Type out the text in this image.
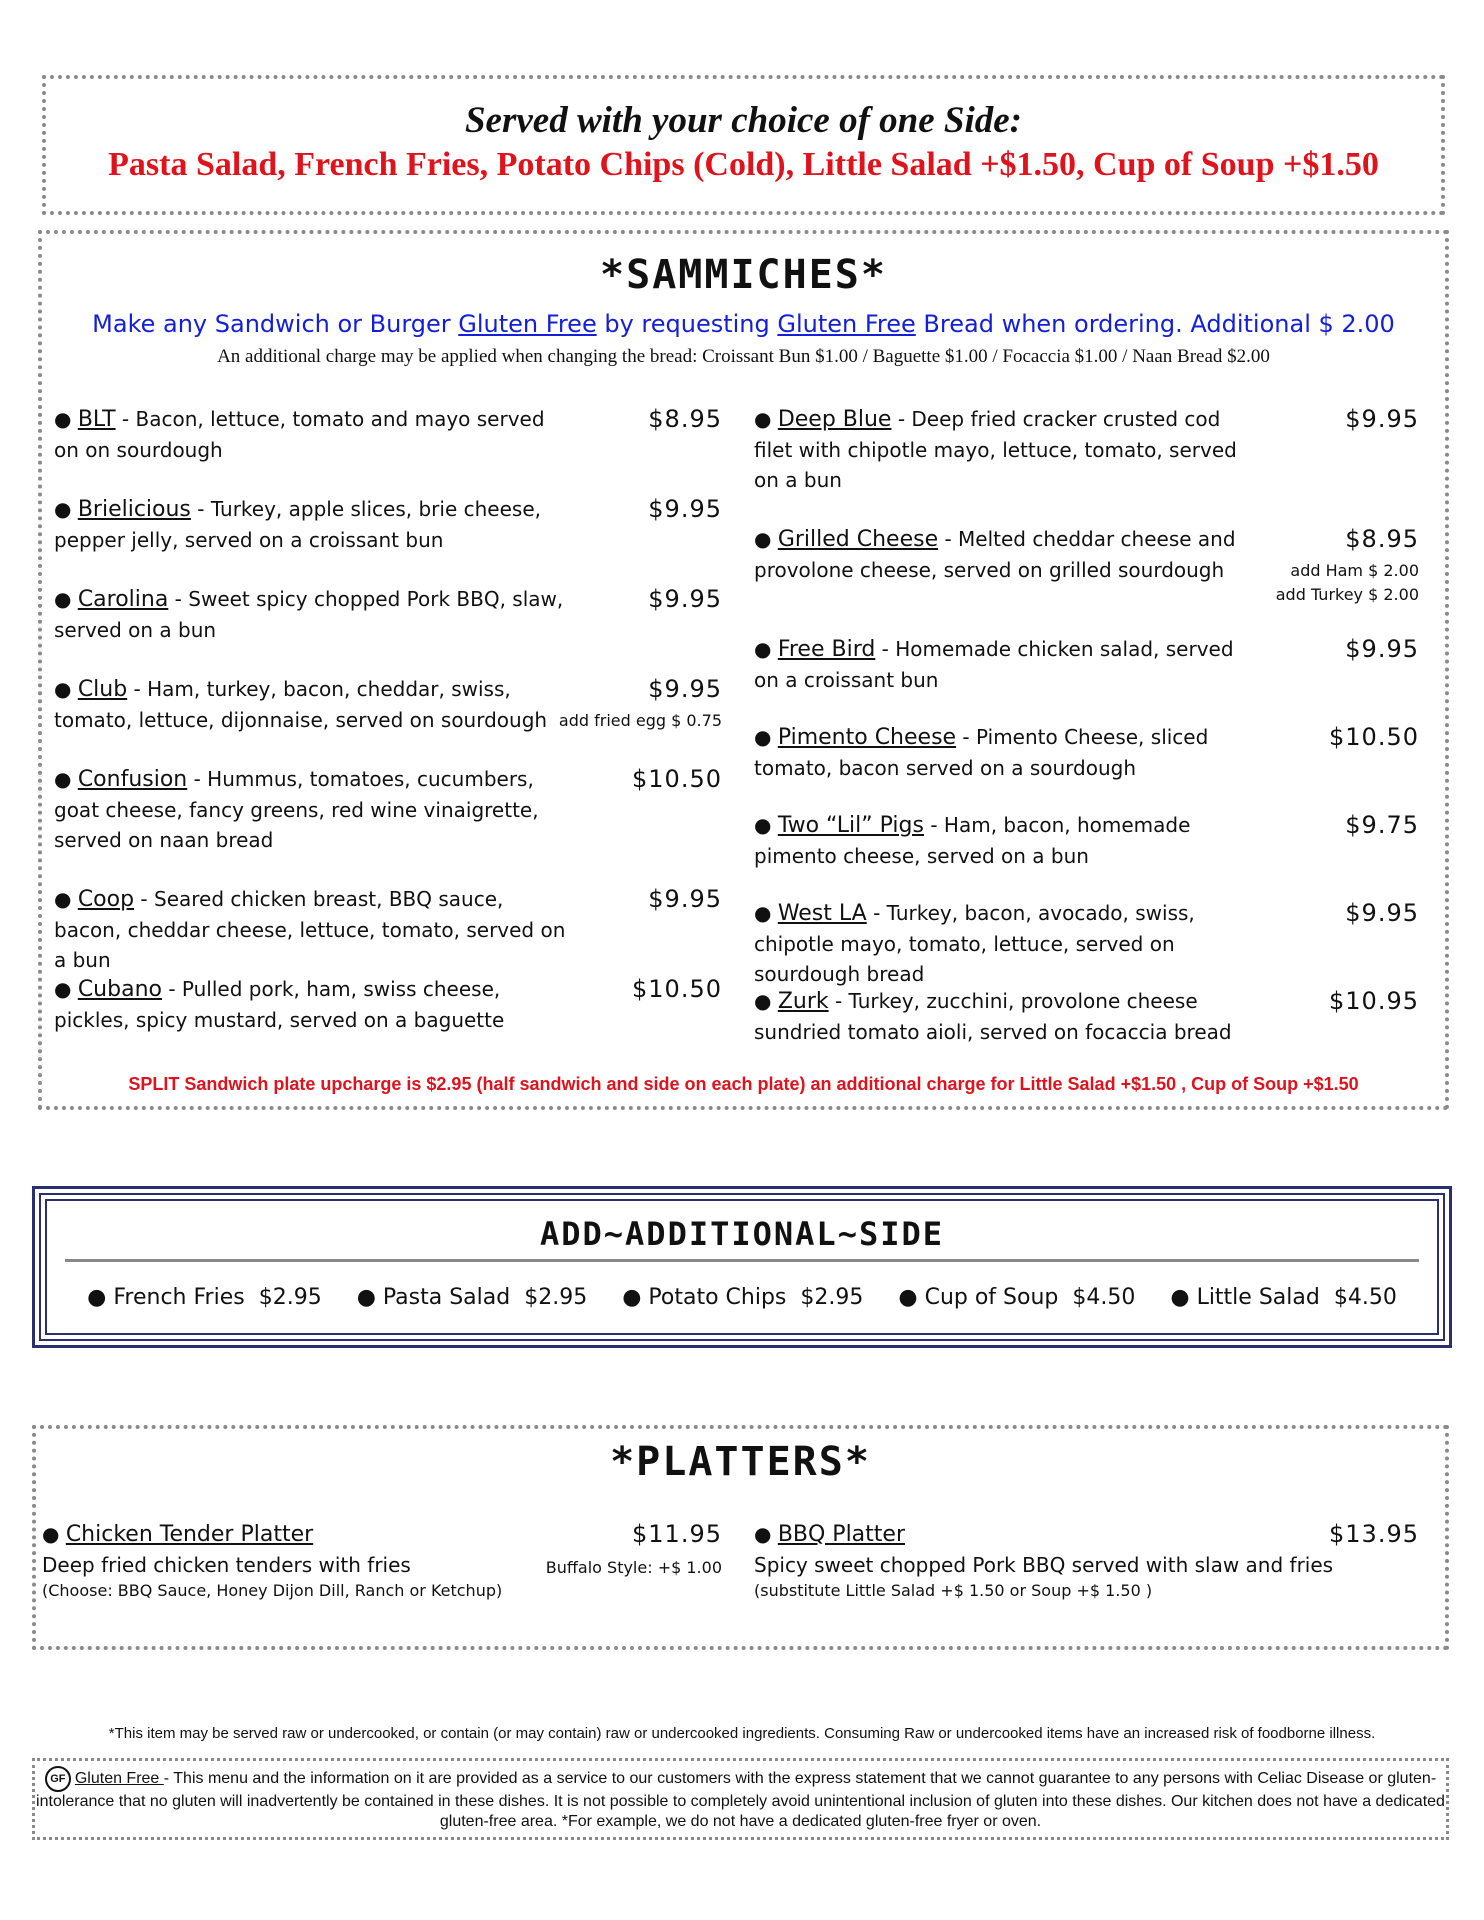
Served with your choice of one Side:
Pasta Salad, French Fries, Potato Chips (Cold), Little Salad +$1.50, Cup of Soup +$1.50
*SAMMICHES*
Make any Sandwich or Burger Gluten Free by requesting Gluten Free Bread when ordering. Additional $ 2.00
An additional charge may be applied when changing the bread: Croissant Bun $1.00 / Baguette $1.00 / Focaccia $1.00 / Naan Bread $2.00
● BLT - Bacon, lettuce, tomato and mayo served on on sourdough
$8.95
● Brielicious - Turkey, apple slices, brie cheese, pepper jelly, served on a croissant bun
$9.95
● Carolina - Sweet spicy chopped Pork BBQ, slaw, served on a bun
$9.95
● Club - Ham, turkey, bacon, cheddar, swiss, tomato, lettuce, dijonnaise, served on sourdough
$9.95
add fried egg $ 0.75
● Confusion - Hummus, tomatoes, cucumbers, goat cheese, fancy greens, red wine vinaigrette, served on naan bread
$10.50
● Coop - Seared chicken breast, BBQ sauce, bacon, cheddar cheese, lettuce, tomato, served on a bun
$9.95
● Cubano - Pulled pork, ham, swiss cheese, pickles, spicy mustard, served on a baguette
$10.50
● Deep Blue - Deep fried cracker crusted cod filet with chipotle mayo, lettuce, tomato, served on a bun
$9.95
● Grilled Cheese - Melted cheddar cheese and provolone cheese, served on grilled sourdough
$8.95
add Ham $ 2.00
add Turkey $ 2.00
● Free Bird - Homemade chicken salad, served on a croissant bun
$9.95
● Pimento Cheese - Pimento Cheese, sliced tomato, bacon served on a sourdough
$10.50
● Two “Lil” Pigs - Ham, bacon, homemade pimento cheese, served on a bun
$9.75
● West LA - Turkey, bacon, avocado, swiss, chipotle mayo, tomato, lettuce, served on sourdough bread
$9.95
● Zurk - Turkey, zucchini, provolone cheese sundried tomato aioli, served on focaccia bread
$10.95
SPLIT Sandwich plate upcharge is $2.95 (half sandwich and side on each plate) an additional charge for Little Salad +$1.50 , Cup of Soup +$1.50
ADD~ADDITIONAL~SIDE
● French Fries $2.95 ● Pasta Salad $2.95 ● Potato Chips $2.95 ● Cup of Soup $4.50 ● Little Salad $4.50
*PLATTERS*
● Chicken Tender Platter	$11.95
Deep fried chicken tenders with fries	Buffalo Style: +$ 1.00
(Choose: BBQ Sauce, Honey Dijon Dill, Ranch or Ketchup)
● BBQ Platter	$13.95
Spicy sweet chopped Pork BBQ served with slaw and fries
(substitute Little Salad +$ 1.50 or Soup +$ 1.50 )
*This item may be served raw or undercooked, or contain (or may contain) raw or undercooked ingredients. Consuming Raw or undercooked items have an increased risk of foodborne illness.
GF Gluten Free - This menu and the information on it are provided as a service to our customers with the express statement that we cannot guarantee to any persons with Celiac Disease or gluten-intolerance that no gluten will inadvertently be contained in these dishes. It is not possible to completely avoid unintentional inclusion of gluten into these dishes. Our kitchen does not have a dedicated gluten-free area. *For example, we do not have a dedicated gluten-free fryer or oven.
